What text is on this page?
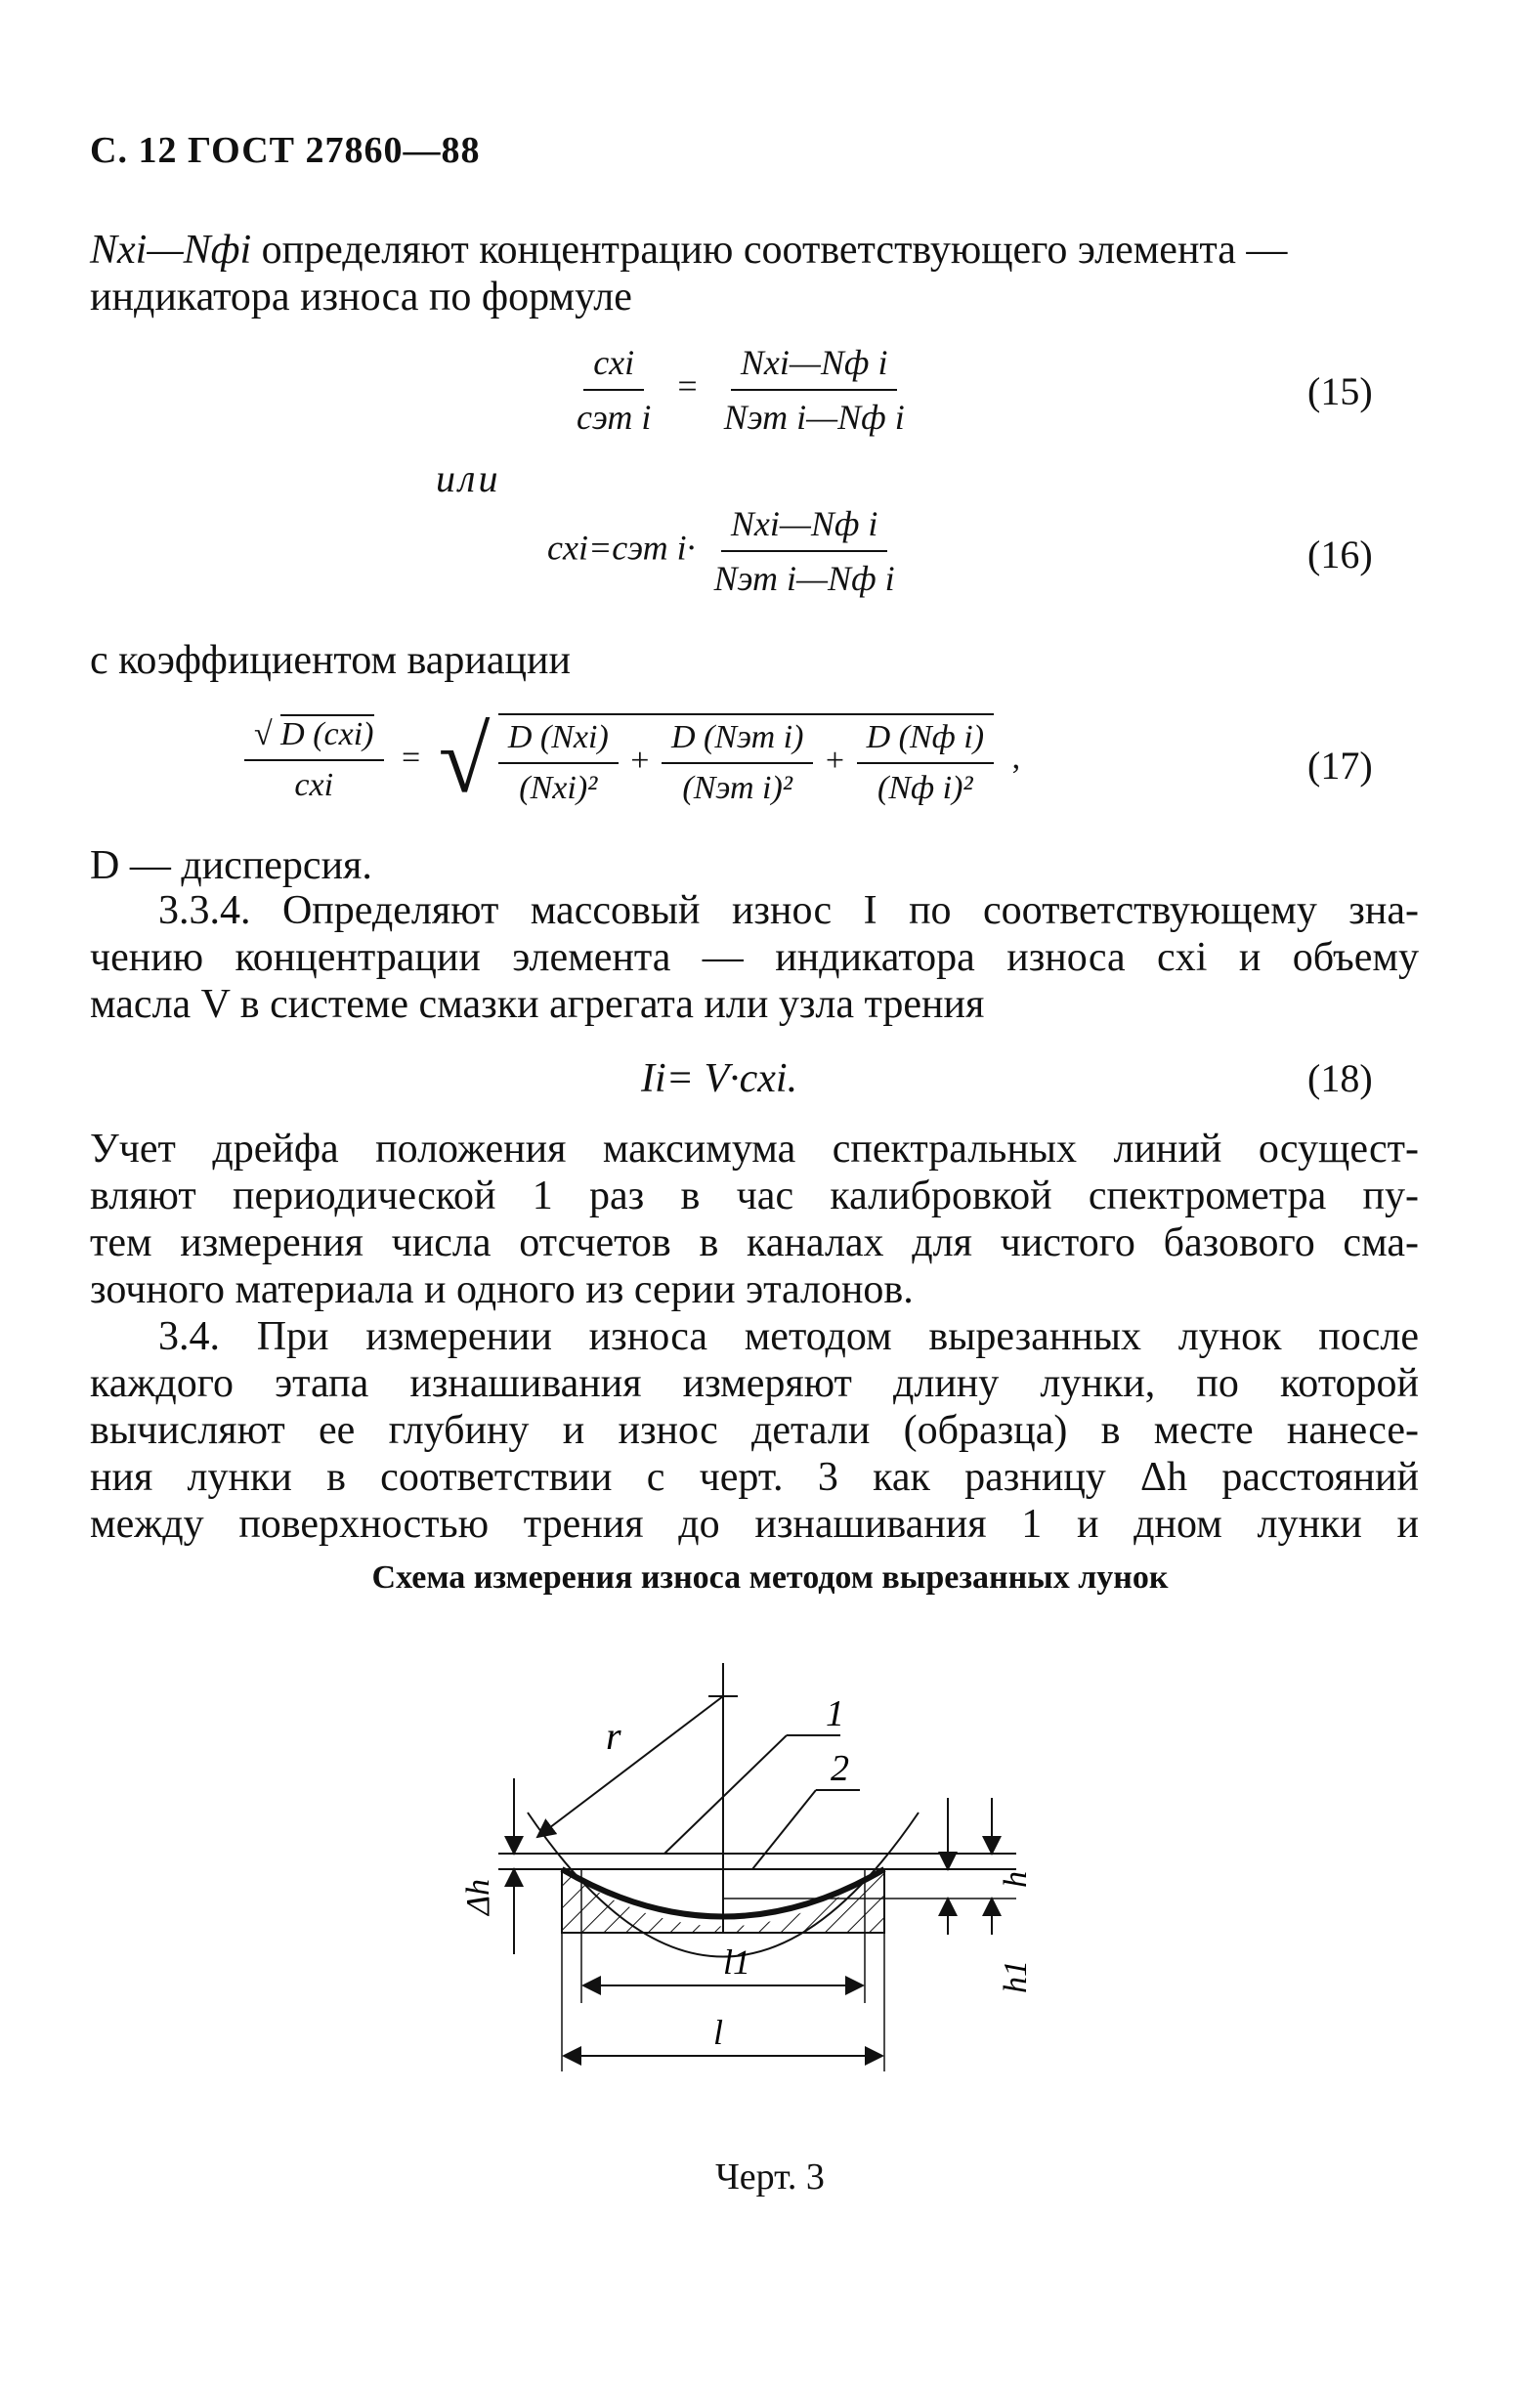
С. 12 ГОСТ 27860—88
Nxi—Nфi определяют концентрацию соответствующего элемента —
индикатора износа по формуле
$\frac{\text{cxi}}{\text{cэт i}} = \frac{\text{Nxi—Nф i}}{\text{Nэт i—Nф i}}$	(15)
или
cxi=cэт $i\cdot \frac{\text{Nxi—Nф i}}{\text{Nэт i—Nф i}}$	(16)
с коэффициентом вариации
$\frac{\text{√ D (cxi)}}{\text{cxi}}$ = √ $\frac{\text{D (Nxi)}}{\text{(Nxi)²}} + \frac{\text{D (Nэт i)}}{\text{(Nэт i)²}} + \frac{\text{D (Nф i)}}{\text{(Nф i)²}}$ ,	(17)
D — дисперсия.
3.3.4. Определяют массовый износ I по соответствующему зна-
чению концентрации элемента — индикатора износа cxi и объему
масла V в системе смазки агрегата или узла трения
Ii= V·cxi.	(18)
Учет дрейфа положения максимума спектральных линий осущест-
вляют периодической 1 раз в час калибровкой спектрометра пу-
тем измерения числа отсчетов в каналах для чистого базового сма-
зочного материала и одного из серии эталонов.
3.4. При измерении износа методом вырезанных лунок после
каждого этапа изнашивания измеряют длину лунки, по которой
вычисляют ее глубину и износ детали (образца) в месте нанесе-
ния лунки в соответствии с черт. 3 как разницу Δh расстояний
между поверхностью трения до изнашивания 1 и дном лунки и
Схема измерения износа методом вырезанных лунок
r	1
2
Δh	h
h1
l1
l
Черт. 3
